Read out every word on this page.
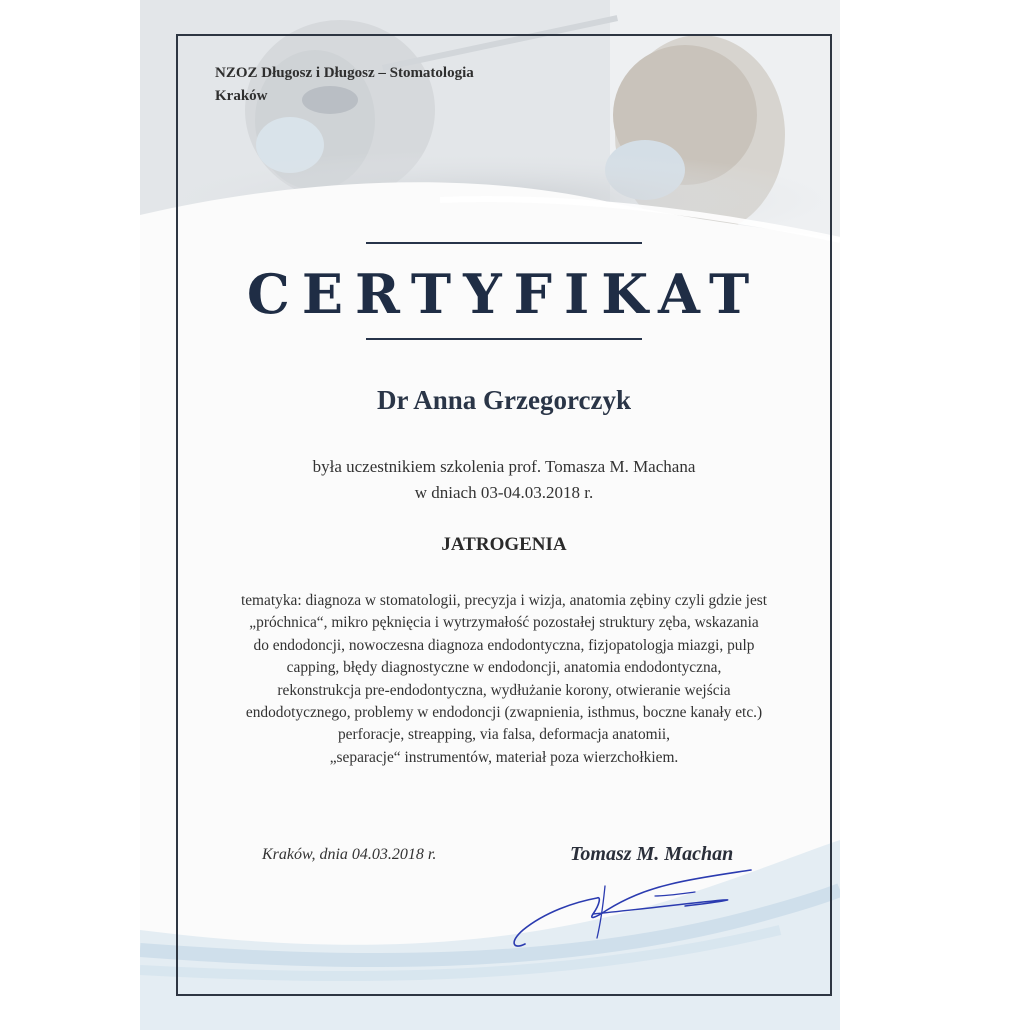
NZOZ Długosz i Długosz – Stomatologia
Kraków
CERTYFIKAT
Dr Anna Grzegorczyk
była uczestnikiem szkolenia prof. Tomasza M. Machana
w dniach 03-04.03.2018 r.
JATROGENIA
tematyka: diagnoza w stomatologii, precyzja i wizja, anatomia zębiny czyli gdzie jest
„próchnica“, mikro pęknięcia i wytrzymałość pozostałej struktury zęba, wskazania
do endodoncji, nowoczesna diagnoza endodontyczna, fizjopatologja miazgi, pulp
capping, błędy diagnostyczne w endodoncji, anatomia endodontyczna,
rekonstrukcja pre-endodontyczna, wydłużanie korony, otwieranie wejścia
endodotycznego, problemy w endodoncji (zwapnienia, isthmus, boczne kanały etc.)
perforacje, streapping, via falsa, deformacja anatomii,
„separacje“ instrumentów, materiał poza wierzchołkiem.
Kraków, dnia 04.03.2018 r.	Tomasz M. Machan
